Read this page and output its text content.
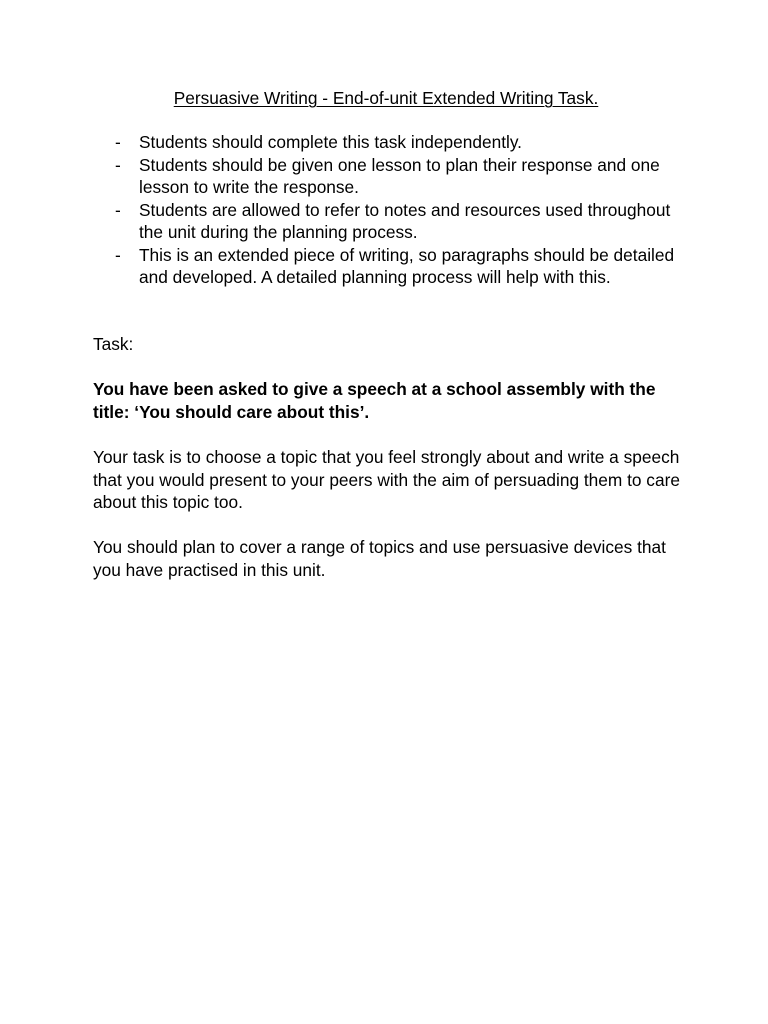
Persuasive Writing - End-of-unit Extended Writing Task.
- Students should complete this task independently.
- Students should be given one lesson to plan their response and one lesson to write the response.
- Students are allowed to refer to notes and resources used throughout the unit during the planning process.
- This is an extended piece of writing, so paragraphs should be detailed and developed. A detailed planning process will help with this.

Task:

You have been asked to give a speech at a school assembly with the title: ‘You should care about this’.

Your task is to choose a topic that you feel strongly about and write a speech that you would present to your peers with the aim of persuading them to care about this topic too.

You should plan to cover a range of topics and use persuasive devices that you have practised in this unit.
